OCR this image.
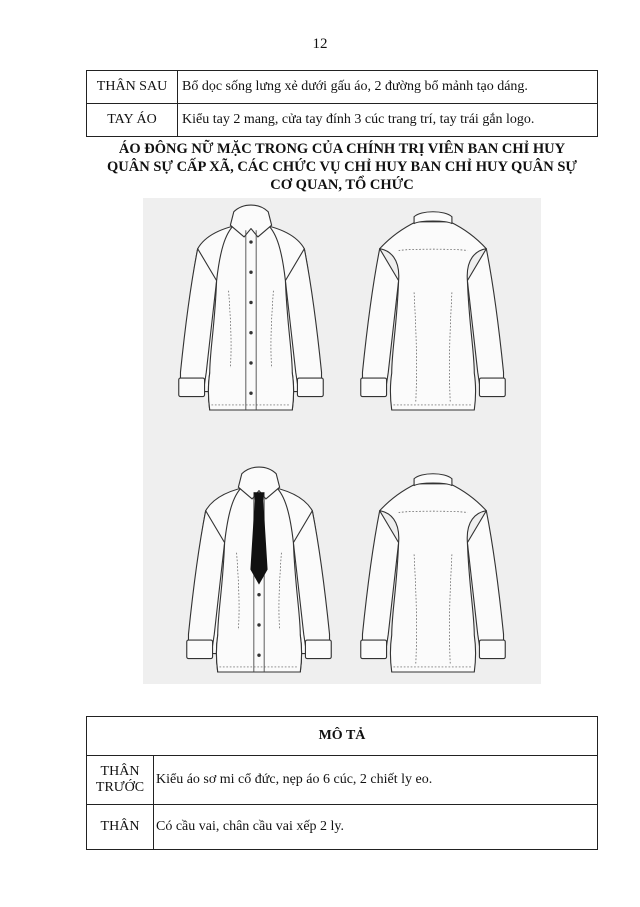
12
THÂN SAU	Bổ dọc sống lưng xẻ dưới gấu áo, 2 đường bổ mảnh tạo dáng.
TAY ÁO	Kiểu tay 2 mang, cửa tay đính 3 cúc trang trí, tay trái gắn logo.
ÁO ĐÔNG NỮ MẶC TRONG CỦA CHÍNH TRỊ VIÊN BAN CHỈ HUY
QUÂN SỰ CẤP XÃ, CÁC CHỨC VỤ CHỈ HUY BAN CHỈ HUY QUÂN SỰ
CƠ QUAN, TỔ CHỨC
MÔ TẢ	

THÂN
TRƯỚC	Kiểu áo sơ mi cổ đức, nẹp áo 6 cúc, 2 chiết ly eo.

THÂN	Có cầu vai, chân cầu vai xếp 2 ly.
